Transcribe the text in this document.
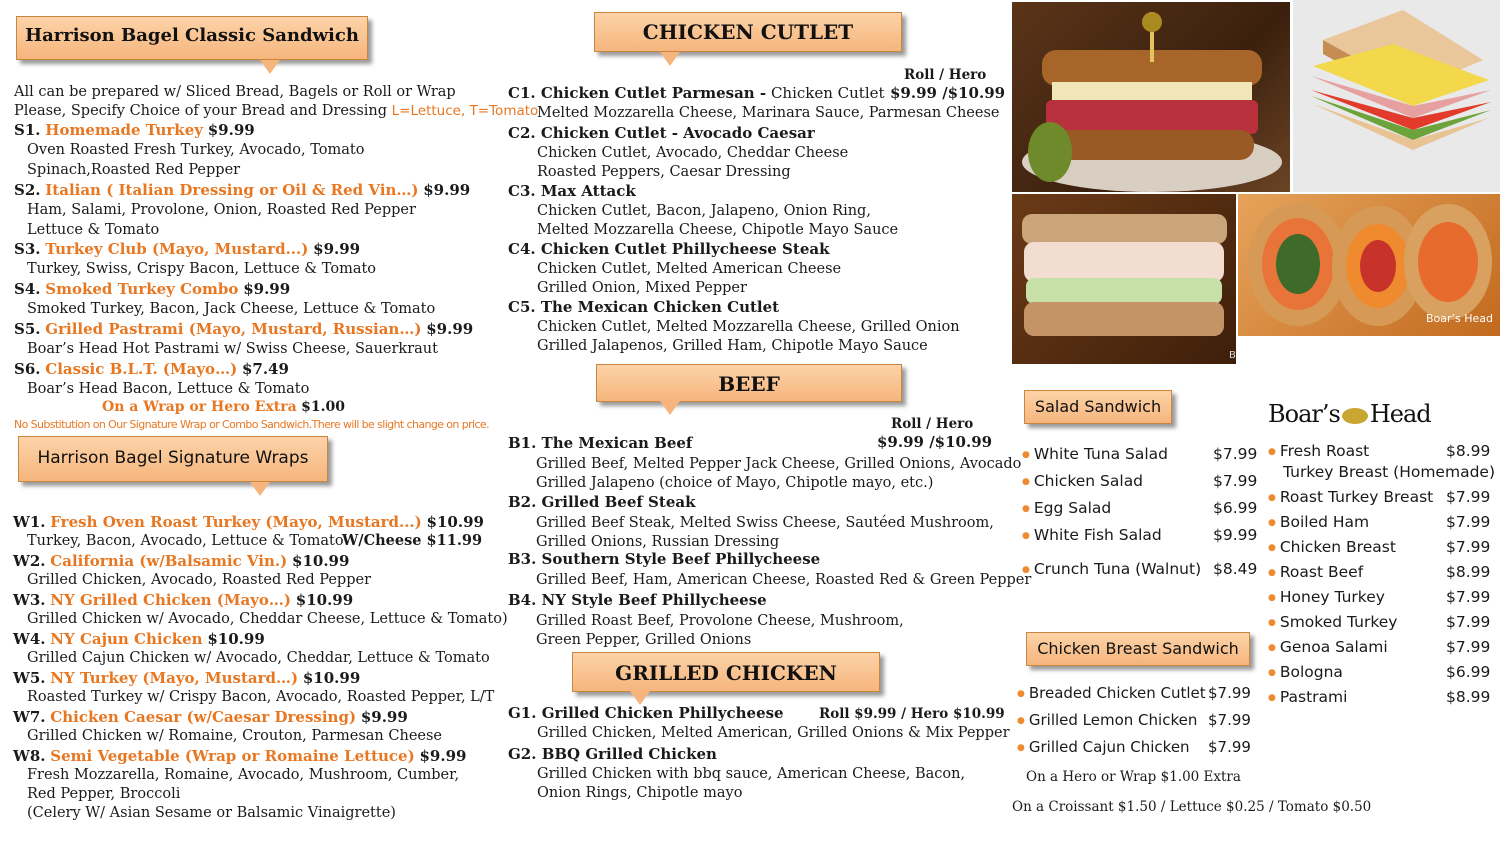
Harrison Bagel Classic Sandwich
All can be prepared w/ Sliced Bread, Bagels or Roll or Wrap
Please, Specify Choice of your Bread and Dressing L=Lettuce, T=Tomato
S1. Homemade Turkey $9.99
Oven Roasted Fresh Turkey, Avocado, Tomato
Spinach,Roasted Red Pepper
S2. Italian ( Italian Dressing or Oil & Red Vin…) $9.99
Ham, Salami, Provolone, Onion, Roasted Red Pepper
Lettuce & Tomato
S3. Turkey Club (Mayo, Mustard...) $9.99
Turkey, Swiss, Crispy Bacon, Lettuce & Tomato
S4. Smoked Turkey Combo $9.99
Smoked Turkey, Bacon, Jack Cheese, Lettuce & Tomato
S5. Grilled Pastrami (Mayo, Mustard, Russian…) $9.99
Boar’s Head Hot Pastrami w/ Swiss Cheese, Sauerkraut
S6. Classic B.L.T. (Mayo…) $7.49
Boar’s Head Bacon, Lettuce & Tomato
On a Wrap or Hero Extra $1.00
No Substitution on Our Signature Wrap or Combo Sandwich.There will be slight change on price.
Harrison Bagel Signature Wraps
W1. Fresh Oven Roast Turkey (Mayo, Mustard...) $10.99
Turkey, Bacon, Avocado, Lettuce & Tomato
W/Cheese $11.99
W2. California (w/Balsamic Vin.) $10.99
Grilled Chicken, Avocado, Roasted Red Pepper
W3. NY Grilled Chicken (Mayo…) $10.99
Grilled Chicken w/ Avocado, Cheddar Cheese, Lettuce & Tomato)
W4. NY Cajun Chicken $10.99
Grilled Cajun Chicken w/ Avocado, Cheddar, Lettuce & Tomato
W5. NY Turkey (Mayo, Mustard…) $10.99
Roasted Turkey w/ Crispy Bacon, Avocado, Roasted Pepper, L/T
W7. Chicken Caesar (w/Caesar Dressing) $9.99
Grilled Chicken w/ Romaine, Crouton, Parmesan Cheese
W8. Semi Vegetable (Wrap or Romaine Lettuce) $9.99
Fresh Mozzarella, Romaine, Avocado, Mushroom, Cumber,
Red Pepper, Broccoli
(Celery W/ Asian Sesame or Balsamic Vinaigrette)
CHICKEN CUTLET
Roll / Hero
$9.99 /$10.99
C1. Chicken Cutlet Parmesan - Chicken Cutlet
Melted Mozzarella Cheese, Marinara Sauce, Parmesan Cheese
C2. Chicken Cutlet - Avocado Caesar
Chicken Cutlet, Avocado, Cheddar Cheese
Roasted Peppers, Caesar Dressing
C3. Max Attack
Chicken Cutlet, Bacon, Jalapeno, Onion Ring,
Melted Mozzarella Cheese, Chipotle Mayo Sauce
C4. Chicken Cutlet Phillycheese Steak
Chicken Cutlet, Melted American Cheese
Grilled Onion, Mixed Pepper
C5. The Mexican Chicken Cutlet
Chicken Cutlet, Melted Mozzarella Cheese, Grilled Onion
Grilled Jalapenos, Grilled Ham, Chipotle Mayo Sauce
BEEF
Roll / Hero
$9.99 /$10.99
B1. The Mexican Beef
Grilled Beef, Melted Pepper Jack Cheese, Grilled Onions, Avocado
Grilled Jalapeno (choice of Mayo, Chipotle mayo, etc.)
B2. Grilled Beef Steak
Grilled Beef Steak, Melted Swiss Cheese, Sautéed Mushroom,
Grilled Onions, Russian Dressing
B3. Southern Style Beef Phillycheese
Grilled Beef, Ham, American Cheese, Roasted Red & Green Pepper
B4. NY Style Beef Phillycheese
Grilled Roast Beef, Provolone Cheese, Mushroom,
Green Pepper, Grilled Onions
GRILLED CHICKEN
G1. Grilled Chicken Phillycheese	Roll $9.99 / Hero $10.99
Grilled Chicken, Melted American, Grilled Onions & Mix Pepper
G2. BBQ Grilled Chicken
Grilled Chicken with bbq sauce, American Cheese, Bacon,
Onion Rings, Chipotle mayo
B
Boar’s Head
Salad Sandwich
● White Tuna Salad	$7.99
● Chicken Salad	$7.99
● Egg Salad	$6.99
● White Fish Salad	$9.99
● Crunch Tuna (Walnut) $8.49
Chicken Breast Sandwich
● Breaded Chicken Cutlet $7.99
● Grilled Lemon Chicken $7.99
● Grilled Cajun Chicken $7.99
On a Hero or Wrap $1.00 Extra
On a Croissant $1.50 / Lettuce $0.25 / Tomato $0.50
Boar’s Head
● Fresh Roast	$8.99
Turkey Breast (Homemade)
● Roast Turkey Breast $7.99
● Boiled Ham	$7.99
● Chicken Breast	$7.99
● Roast Beef	$8.99
● Honey Turkey	$7.99
● Smoked Turkey	$7.99
● Genoa Salami	$7.99
● Bologna	$6.99
● Pastrami	$8.99
